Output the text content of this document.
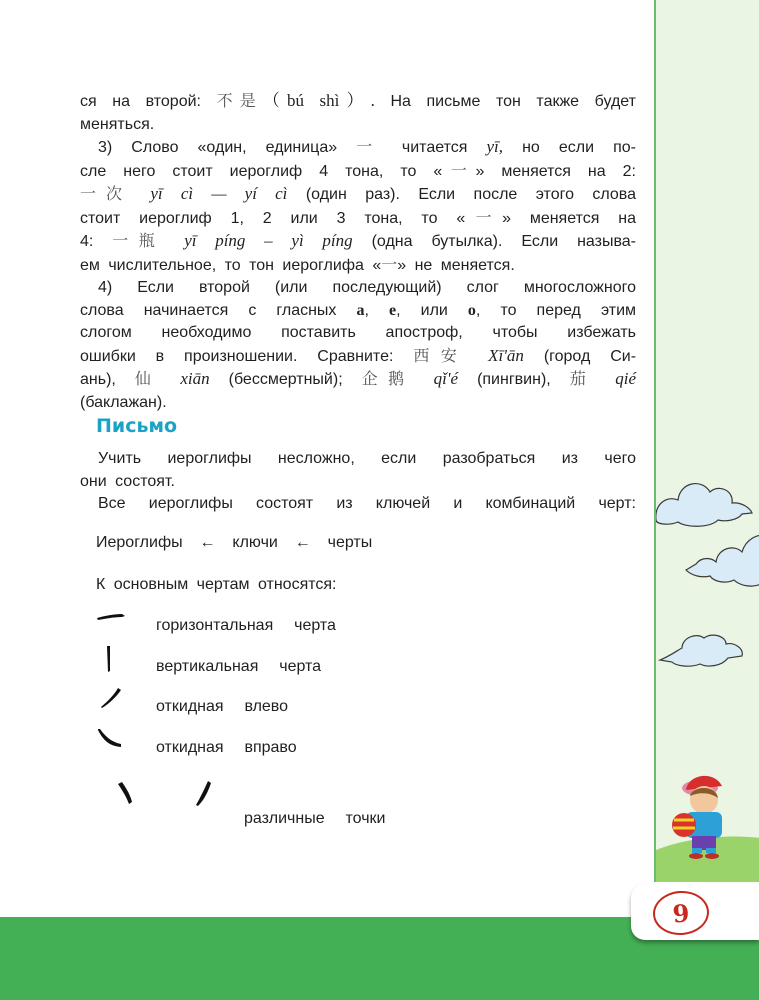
ся на второй: 不是（bú shì）. На письме тон также будет
меняться.
3) Слово «один, единица» 一 читается yī, но если по-
сле него стоит иероглиф 4 тона, то «一» меняется на 2:
一次 yī cì — yí cì (один раз). Если после этого слова
стоит иероглиф 1, 2 или 3 тона, то «一» меняется на
4: 一瓶 yī píng – yì píng (одна бутылка). Если называ-
ем числительное, то тон иероглифа «一» не меняется.
4) Если второй (или последующий) слог многосложного
слова начинается с гласных a, e, или o, то перед этим
слогом необходимо поставить апостроф, чтобы избежать
ошибки в произношении. Сравните: 西安 Xī'ān (город Си-
ань), 仙 xiān (бессмертный); 企鹅 qǐ'é (пингвин), 茄 qié
(баклажан).
Письмо
Учить иероглифы несложно, если разобраться из чего
они состоят.
Все иероглифы состоят из ключей и комбинаций черт:
Иероглифы  ←  ключи  ←  черты
К основным чертам относятся:
горизонтальная  черта
вертикальная  черта
откидная  влево
откидная  вправо
различные  точки
9
